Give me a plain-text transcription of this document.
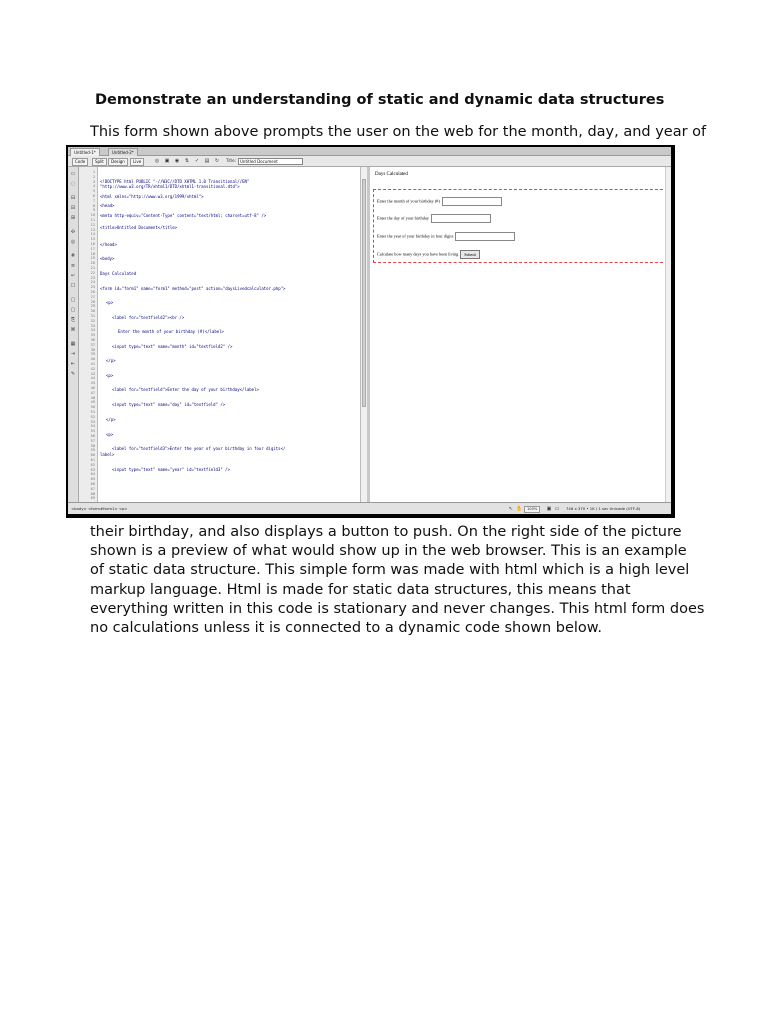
Demonstrate an understanding of static and dynamic data structures
This form shown above prompts the user on the web for the month, day, and year of
Untitled-1*	Untitled-2*
Code	Split	Design	Live	◎ ▣ ◉ ⇅ ✓ ▤ ↻ Title:	Untitled Document
▭
◌
⊟
⊟
⊞
✣
◎
#
≡
↵
☐
▢
▢
⎘
⌘
▦
⇥
⇤
✎
1
2
3
4
5
6
7
8
9
10
11
12
13
14
15
16
17
18
19
20
21
22
23
24
25
26
27
28
29
30
31
32
33
34
35
36
37
38
39
40
41
42
43
44
45
46
47
48
49
50
51
52
53
54
55
56
57
58
59
60
61
62
63
64
65
66
67
68
69
<!DOCTYPE html PUBLIC "-//W3C//DTD XHTML 1.0 Transitional//EN"
"http://www.w3.org/TR/xhtml1/DTD/xhtml1-transitional.dtd">
<html xmlns="http://www.w3.org/1999/xhtml">
<head>
<meta http-equiv="Content-Type" content="text/html; charset=utf-8" />
<title>Untitled Document</title>
</head>
<body>
Days Calculated
<form id="form1" name="form1" method="post" action="daysLivedcalculator.php">
<p>
<label for="textfield2"><br />
Enter the month of your birthday (#)</label>
<input type="text" name="month" id="textfield2" />
</p>
<p>
<label for="textfield">Enter the day of your birthday</label>
<input type="text" name="day" id="textfield" />
</p>
<p>
<label for="textfield3">Enter the year of your birthday in four digits</
label>
<input type="text" name="year" id="textfield3" />
Days Calculated
Enter the month of your birthday (#)
Enter the day of your birthday
Enter the year of your birthday in four digits
Calculate how many days you have been living Submit
<body> <form#form1> <p>	↖ ✋	100%	▣ ▭ 746 x 370 • 1K / 1 sec Unicode (UTF-8)
their birthday, and also displays a button to push. On the right side of the picture
shown is a preview of what would show up in the web browser. This is an example
of static data structure. This simple form was made with html which is a high level
markup language. Html is made for static data structures, this means that
everything written in this code is stationary and never changes. This html form does
no calculations unless it is connected to a dynamic code shown below.
